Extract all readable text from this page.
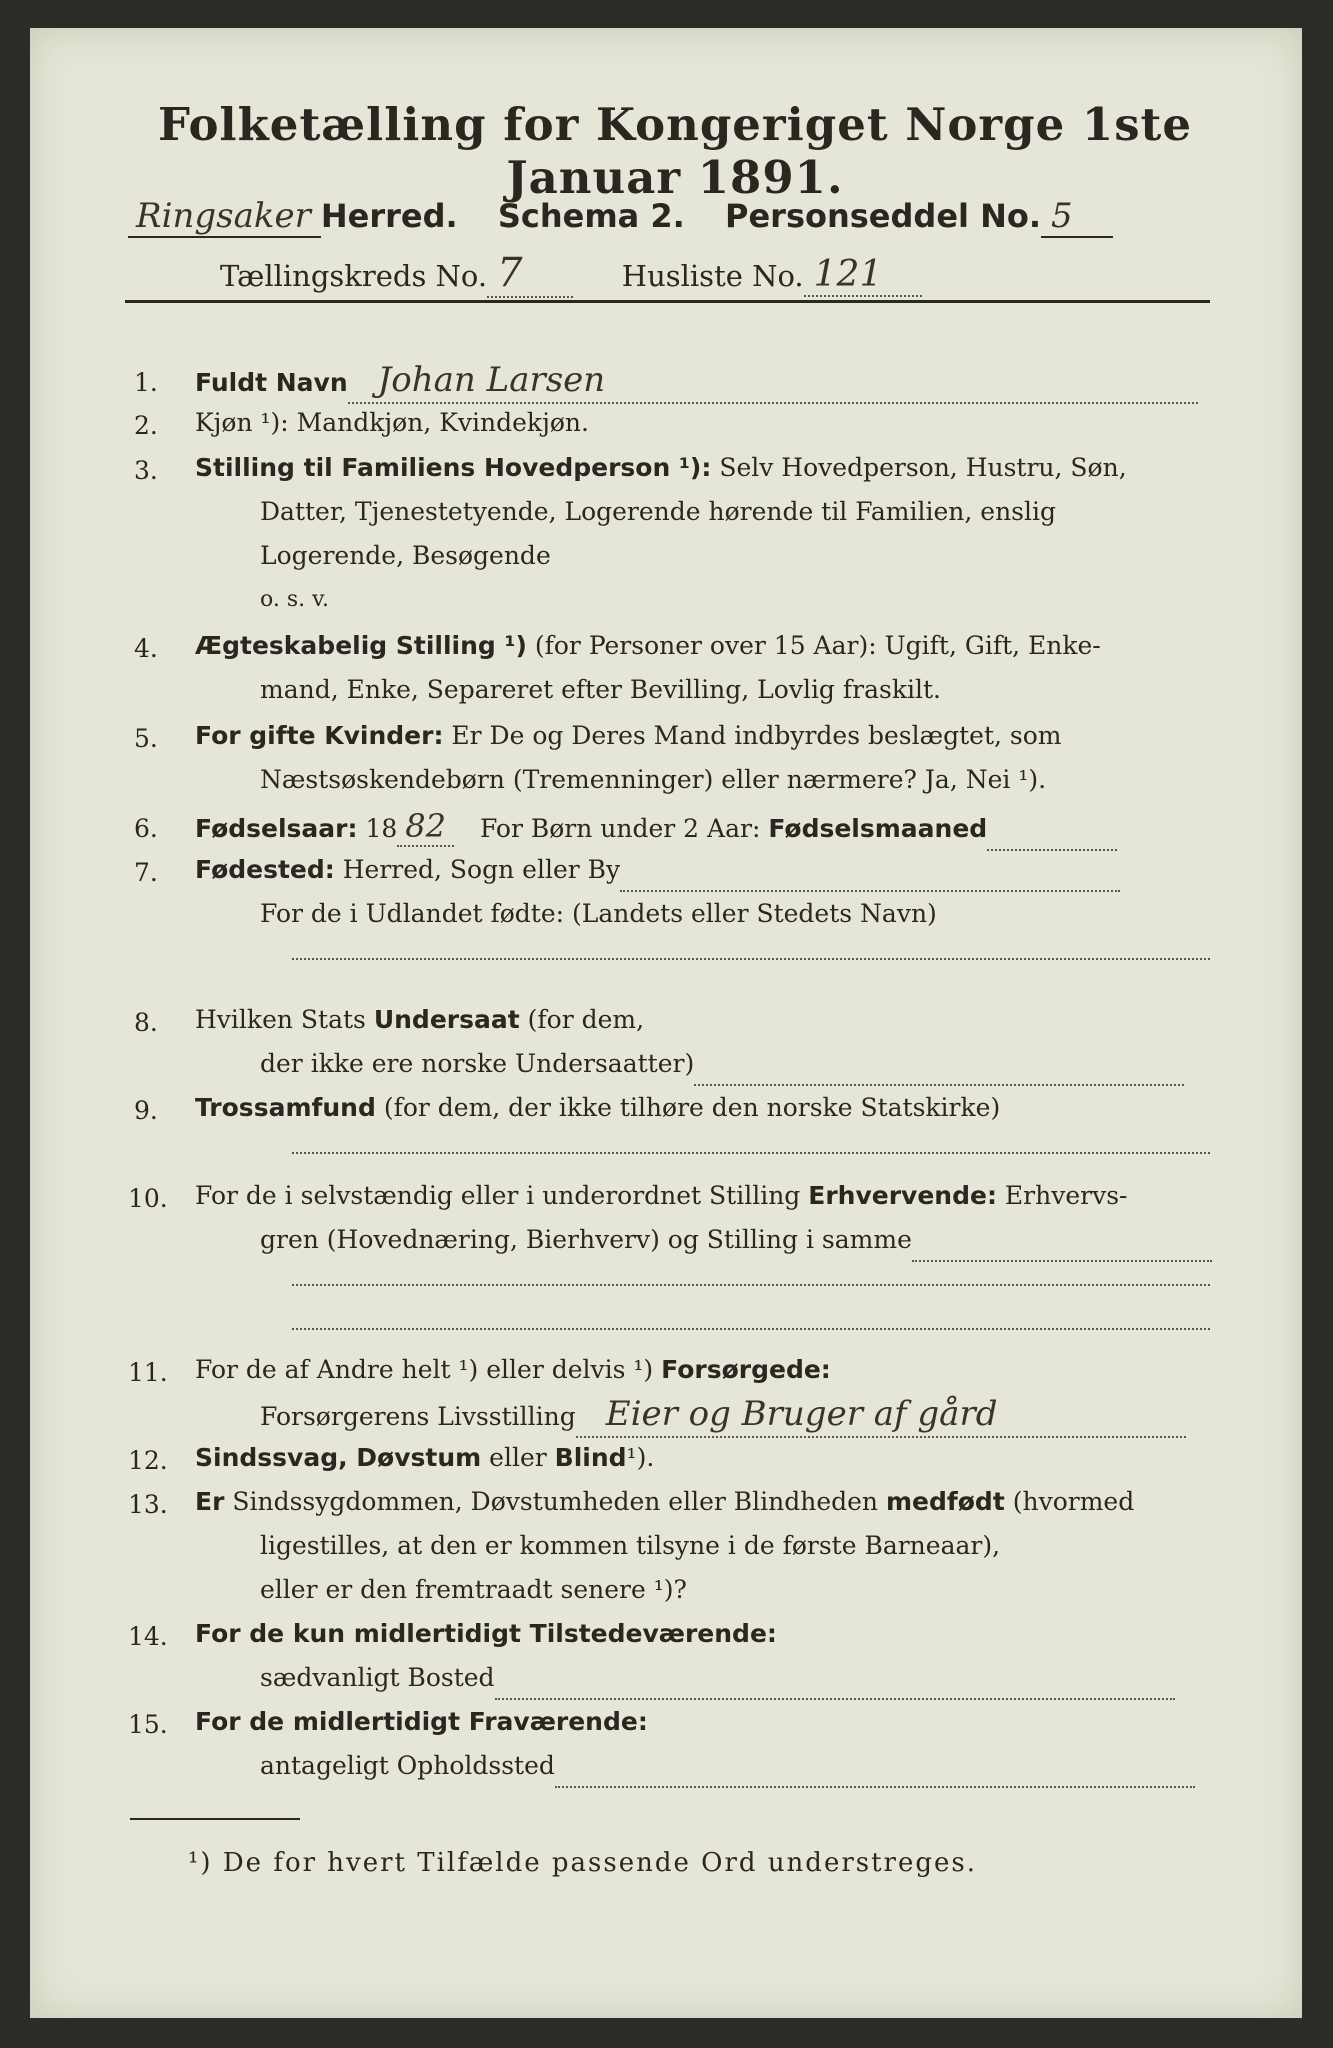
Folketælling for Kongeriget Norge 1ste Januar 1891.
Ringsaker Herred. Schema 2. Personseddel No. 5
Tællingskreds No. 7	Husliste No. 121
1. Fuldt Navn Johan Larsen
2. Kjøn ¹): Mandkjøn, Kvindekjøn.
3. Stilling til Familiens Hovedperson ¹): Selv Hovedperson, Hustru, Søn,
Datter, Tjenestetyende, Logerende hørende til Familien, enslig
Logerende, Besøgende
o. s. v.
4. Ægteskabelig Stilling ¹) (for Personer over 15 Aar): Ugift, Gift, Enke-
mand, Enke, Separeret efter Bevilling, Lovlig fraskilt.
5. For gifte Kvinder: Er De og Deres Mand indbyrdes beslægtet, som
Næstsøskendebørn (Tremenninger) eller nærmere? Ja, Nei ¹).
6. Fødselsaar: 18 82 For Børn under 2 Aar: Fødselsmaaned
7. Fødested: Herred, Sogn eller By
For de i Udlandet fødte: (Landets eller Stedets Navn)
8. Hvilken Stats Undersaat (for dem,
der ikke ere norske Undersaatter)
9. Trossamfund (for dem, der ikke tilhøre den norske Statskirke)
10. For de i selvstændig eller i underordnet Stilling Erhvervende: Erhvervs-
gren (Hovednæring, Bierhverv) og Stilling i samme
11. For de af Andre helt ¹) eller delvis ¹) Forsørgede:
Forsørgerens Livsstilling Eier og Bruger af gård
12. Sindssvag, Døvstum eller Blind¹).
13. Er Sindssygdommen, Døvstumheden eller Blindheden medfødt (hvormed
ligestilles, at den er kommen tilsyne i de første Barneaar),
eller er den fremtraadt senere ¹)?
14. For de kun midlertidigt Tilstedeværende:
sædvanligt Bosted
15. For de midlertidigt Fraværende:
antageligt Opholdssted
¹) De for hvert Tilfælde passende Ord understreges.
